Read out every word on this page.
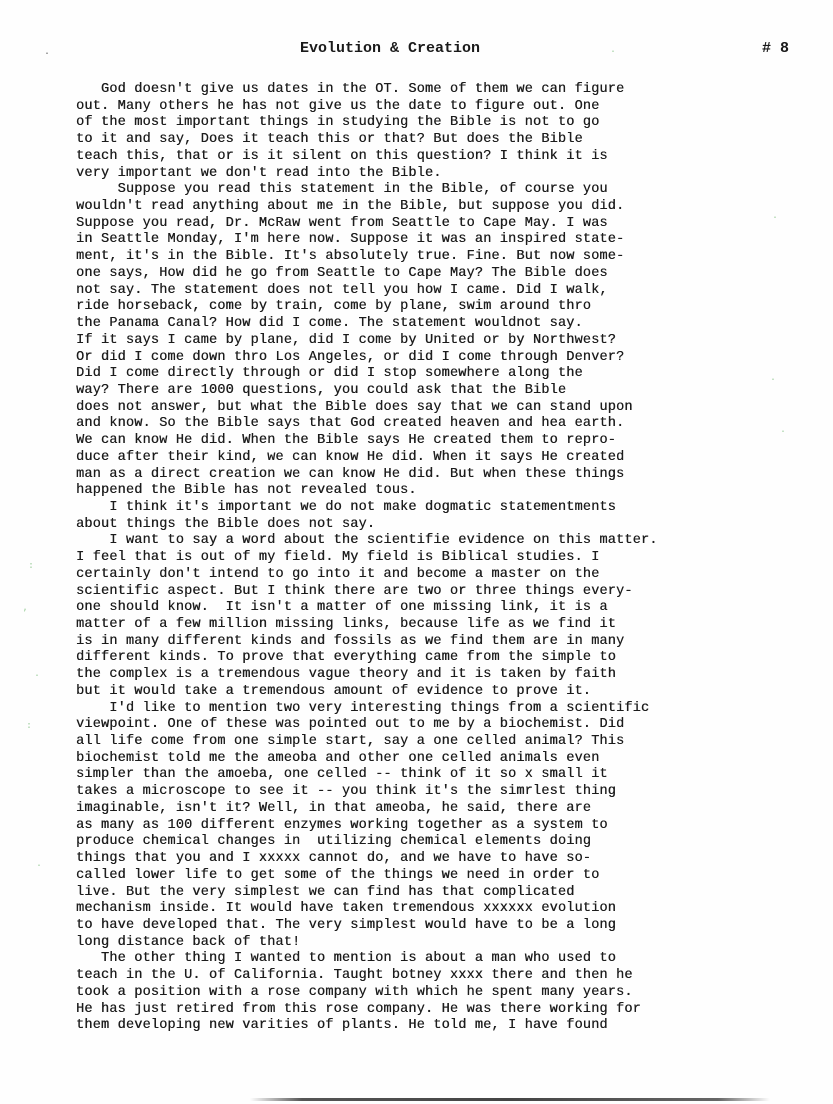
Evolution & Creation	# 8
God doesn't give us dates in the OT. Some of them we can figure
out. Many others he has not give us the date to figure out. One
of the most important things in studying the Bible is not to go
to it and say, Does it teach this or that? But does the Bible
teach this, that or is it silent on this question? I think it is
very important we don't read into the Bible.
Suppose you read this statement in the Bible, of course you
wouldn't read anything about me in the Bible, but suppose you did.
Suppose you read, Dr. McRaw went from Seattle to Cape May. I was
in Seattle Monday, I'm here now. Suppose it was an inspired state-
ment, it's in the Bible. It's absolutely true. Fine. But now some-
one says, How did he go from Seattle to Cape May? The Bible does
not say. The statement does not tell you how I came. Did I walk,
ride horseback, come by train, come by plane, swim around thro
the Panama Canal? How did I come. The statement wouldnot say.
If it says I came by plane, did I come by United or by Northwest?
Or did I come down thro Los Angeles, or did I come through Denver?
Did I come directly through or did I stop somewhere along the
way? There are 1000 questions, you could ask that the Bible
does not answer, but what the Bible does say that we can stand upon
and know. So the Bible says that God created heaven and hea earth.
We can know He did. When the Bible says He created them to repro-
duce after their kind, we can know He did. When it says He created
man as a direct creation we can know He did. But when these things
happened the Bible has not revealed tous.
I think it's important we do not make dogmatic statementments
about things the Bible does not say.
I want to say a word about the scientifie evidence on this matter.
I feel that is out of my field. My field is Biblical studies. I
certainly don't intend to go into it and become a master on the
scientific aspect. But I think there are two or three things every-
one should know.  It isn't a matter of one missing link, it is a
matter of a few million missing links, because life as we find it
is in many different kinds and fossils as we find them are in many
different kinds. To prove that everything came from the simple to
the complex is a tremendous vague theory and it is taken by faith
but it would take a tremendous amount of evidence to prove it.
I'd like to mention two very interesting things from a scientific
viewpoint. One of these was pointed out to me by a biochemist. Did
all life come from one simple start, say a one celled animal? This
biochemist told me the ameoba and other one celled animals even
simpler than the amoeba, one celled -- think of it so x small it
takes a microscope to see it -- you think it's the simrlest thing
imaginable, isn't it? Well, in that ameoba, he said, there are
as many as 100 different enzymes working together as a system to
produce chemical changes in  utilizing chemical elements doing
things that you and I xxxxx cannot do, and we have to have so-
called lower life to get some of the things we need in order to
live. But the very simplest we can find has that complicated
mechanism inside. It would have taken tremendous xxxxxx evolution
to have developed that. The very simplest would have to be a long
long distance back of that!
The other thing I wanted to mention is about a man who used to
teach in the U. of California. Taught botney xxxx there and then he
took a position with a rose company with which he spent many years.
He has just retired from this rose company. He was there working for
them developing new varities of plants. He told me, I have found
.	.
:
,
.
:
.
.
.
.
